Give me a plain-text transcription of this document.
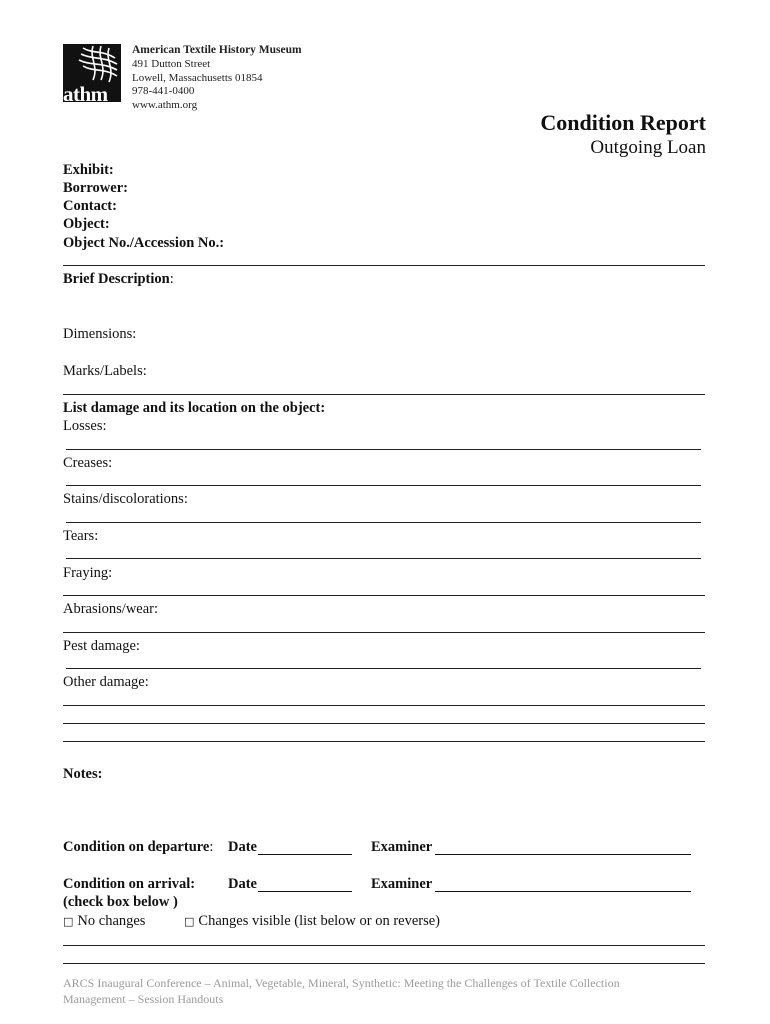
athm
American Textile History Museum
491 Dutton Street
Lowell, Massachusetts 01854
978-441-0400
www.athm.org
Condition Report
Outgoing Loan
Exhibit:
Borrower:
Contact:
Object:
Object No./Accession No.:
Brief Description:
Dimensions:
Marks/Labels:
List damage and its location on the object:
Losses:
Creases:
Stains/discolorations:
Tears:
Fraying:
Abrasions/wear:
Pest damage:
Other damage:
Notes:
Condition on departure: Date	Examiner
Condition on arrival: Date	Examiner
(check box below )
□ No changes	□ Changes visible (list below or on reverse)
ARCS Inaugural Conference – Animal, Vegetable, Mineral, Synthetic: Meeting the Challenges of Textile Collection
Management – Session Handouts
